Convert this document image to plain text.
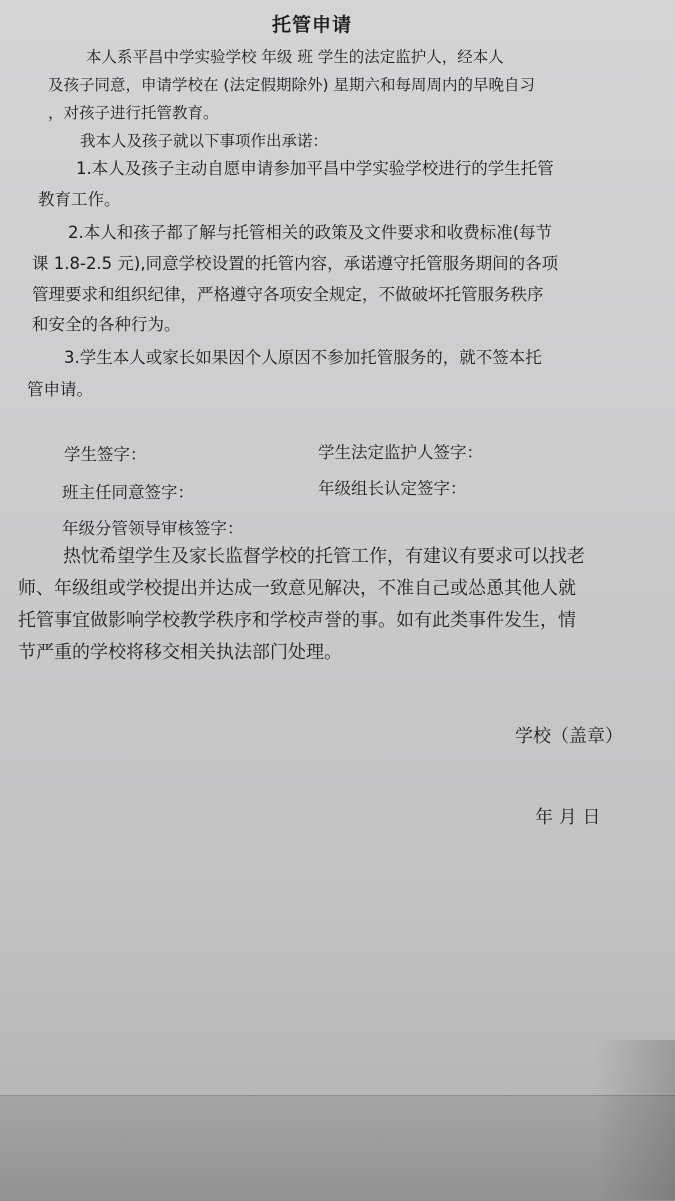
托管申请
本人系平昌中学实验学校 年级 班 学生的法定监护人，经本人
及孩子同意，申请学校在 (法定假期除外) 星期六和每周周内的早晚自习
，对孩子进行托管教育。
我本人及孩子就以下事项作出承诺：
1.本人及孩子主动自愿申请参加平昌中学实验学校进行的学生托管
教育工作。
2.本人和孩子都了解与托管相关的政策及文件要求和收费标准(每节
课 1.8-2.5 元),同意学校设置的托管内容，承诺遵守托管服务期间的各项
管理要求和组织纪律，严格遵守各项安全规定，不做破坏托管服务秩序
和安全的各种行为。
3.学生本人或家长如果因个人原因不参加托管服务的，就不签本托
管申请。
学生签字：	学生法定监护人签字：
班主任同意签字：	年级组长认定签字：
年级分管领导审核签字：
热忱希望学生及家长监督学校的托管工作，有建议有要求可以找老
师、年级组或学校提出并达成一致意见解决，不准自己或怂恿其他人就
托管事宜做影响学校教学秩序和学校声誉的事。如有此类事件发生，情
节严重的学校将移交相关执法部门处理。
学校（盖章）
年 月 日
